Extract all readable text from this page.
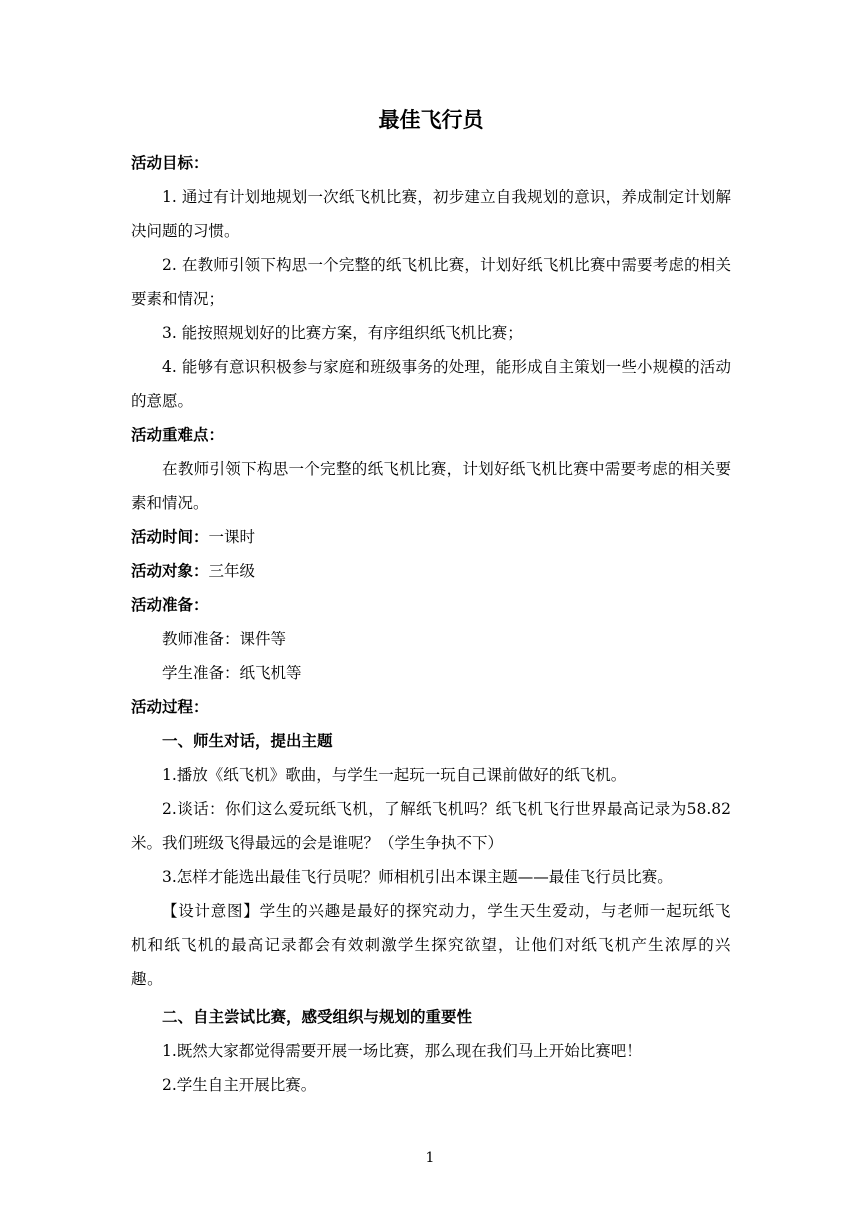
最佳飞行员

活动目标：

1. 通过有计划地规划一次纸飞机比赛，初步建立自我规划的意识，养成制定计划解决问题的习惯。

2. 在教师引领下构思一个完整的纸飞机比赛，计划好纸飞机比赛中需要考虑的相关要素和情况；

3. 能按照规划好的比赛方案，有序组织纸飞机比赛；

4. 能够有意识积极参与家庭和班级事务的处理，能形成自主策划一些小规模的活动的意愿。

活动重难点：

在教师引领下构思一个完整的纸飞机比赛，计划好纸飞机比赛中需要考虑的相关要素和情况。

活动时间：一课时

活动对象：三年级

活动准备：

教师准备：课件等

学生准备：纸飞机等

活动过程：

一、师生对话，提出主题

1.播放《纸飞机》歌曲，与学生一起玩一玩自己课前做好的纸飞机。

2.谈话：你们这么爱玩纸飞机，了解纸飞机吗？纸飞机飞行世界最高记录为58.82 米。我们班级飞得最远的会是谁呢？（学生争执不下）

3.怎样才能选出最佳飞行员呢？师相机引出本课主题——最佳飞行员比赛。

【设计意图】学生的兴趣是最好的探究动力，学生天生爱动，与老师一起玩纸飞机和纸飞机的最高记录都会有效刺激学生探究欲望，让他们对纸飞机产生浓厚的兴趣。

二、自主尝试比赛，感受组织与规划的重要性

1.既然大家都觉得需要开展一场比赛，那么现在我们马上开始比赛吧！

2.学生自主开展比赛。

1
